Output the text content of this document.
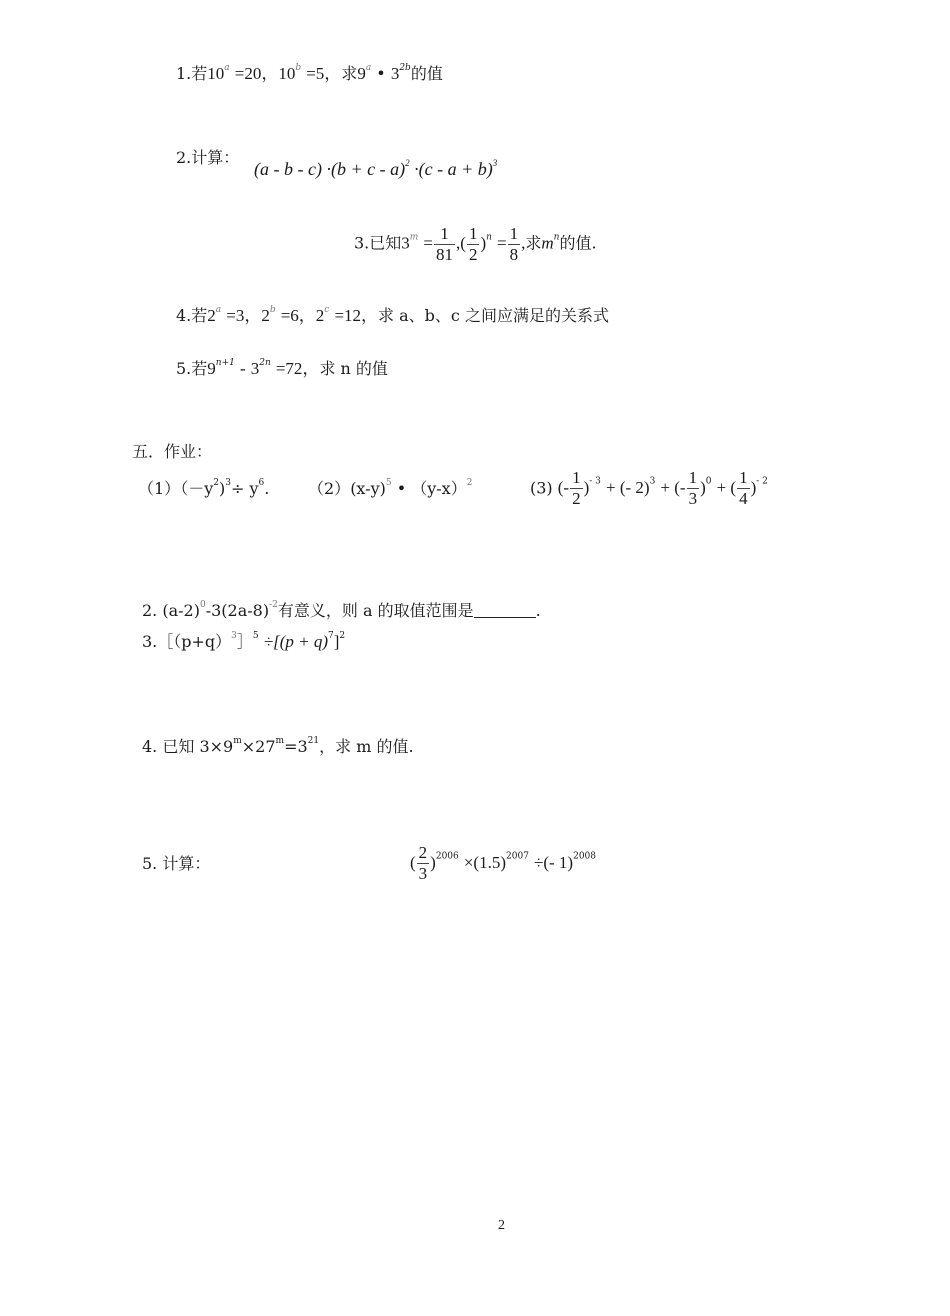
1.若$10^a =20$，$10^b =5$，求9$^a$ • $3^{2b}$的值
2.计算：
$(a - b - c) \cdot(b + c - a)^2 \cdot(c - a + b)^3$
3.已知$3^m = \frac{1}{81}$ ,( $\frac{1}{2} )^n = \frac{1}{8}$ ,求$m^n$的值.
4.若$2^a =3$，$2^b =6$，$2^c =12$，求 a、b、c 之间应满足的关系式
5.若$9^{n+1} - 3^{2n} =72$，求 n 的值
五．作业：
$(1)(-y^2)^3\div y^6$. $(2)(x-y)^5$ • $(y-x)^2$	(3) (- $\frac{1}{2} )^{- 3}$ + (- 2)$^3$ + (- $\frac{1}{3} )^0$ + ( $\frac{1}{4} )^{- 2}$
2. $(a-2)^0-3(2a-8)^{-2}$有意义，则 a 的取值范围是	.
$3.[(p+q)^3]^5 \div[(p + q)^7]^2$
4. 已知 $3\times 9^m\times 27^m=3^{21}$，求 m 的值.
5. 计算：	( $\frac{2}{3} )^{2006} \times(1.5)^{2007}$ ÷(- 1)$^{2008}$
2
